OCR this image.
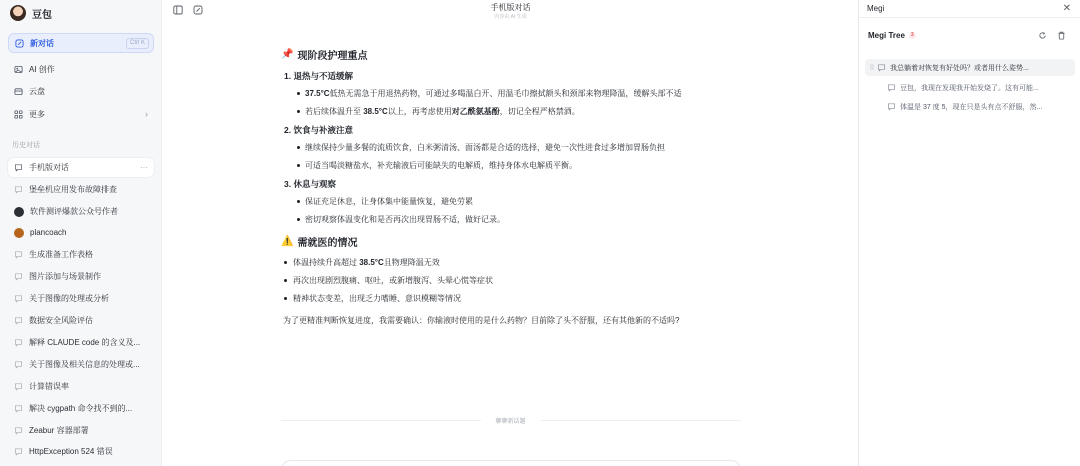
豆包
新对话	Ctrl K
AI 创作
云盘
更多	›
历史对话
手机版对话	···
堡垒机应用发布故障排查
软件测评爆款公众号作者
plancoach
生成准备工作表格
图片添加与场景制作
关于图像的处理或分析
数据安全风险评估
解释 CLAUDE code 的含义及...
关于图像及相关信息的处理或...
计算错误率
解决 cygpath 命令找不到的...
Zeabur 容器部署
HttpException 524 错误
手机版对话
内容由 AI 生成
📌 现阶段护理重点
1. 退热与不适缓解
37.5°C低热无需急于用退热药物，可通过多喝温白开、用温毛巾擦拭额头和颈部来物理降温，缓解头部不适
若后续体温升至 38.5°C以上，再考虑使用对乙酰氨基酚，切记全程严格禁酒。
2. 饮食与补液注意
继续保持少量多餐的流质饮食，白米粥清汤、面汤都是合适的选择，避免一次性进食过多增加胃肠负担
可适当喝淡糖盐水，补充输液后可能缺失的电解质，维持身体水电解质平衡。
3. 休息与观察
保证充足休息，让身体集中能量恢复，避免劳累
密切观察体温变化和是否再次出现胃肠不适，做好记录。
⚠️ 需就医的情况
体温持续升高超过 38.5°C且物理降温无效
再次出现剧烈腹痛、呕吐，或新增腹泻、头晕心慌等症状
精神状态变差，出现乏力嗜睡、意识模糊等情况
为了更精准判断恢复进度，我需要确认：你输液时使用的是什么药物？目前除了头不舒服，还有其他新的不适吗?
聊聊新话题
Megi	✕
Megi Tree	3
⠿	我总躺着对恢复有好处吗？或者用什么姿势...
豆包，我现在发现我开始发烧了。这有可能...
体温是 37 度 5，现在只是头有点不舒服，然...
